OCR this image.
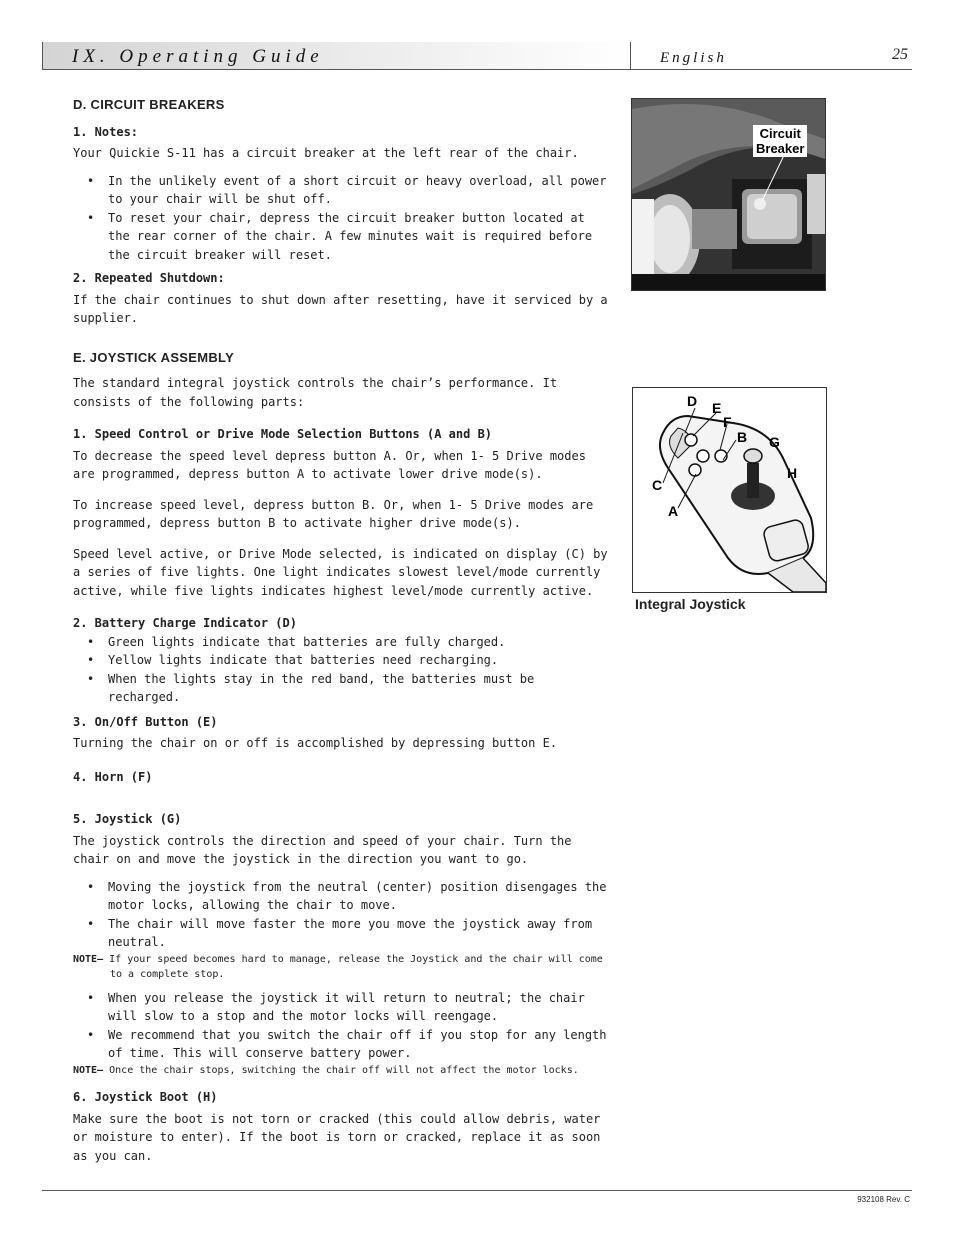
IX. Operating Guide	English	25

D. CIRCUIT BREAKERS

1. Notes:

Your Quickie S-11 has a circuit breaker at the left rear of the chair.

• In the unlikely event of a short circuit or heavy overload, all power to your chair will be shut off.
• To reset your chair, depress the circuit breaker button located at the rear corner of the chair. A few minutes wait is required before the circuit breaker will reset.

2. Repeated Shutdown:

If the chair continues to shut down after resetting, have it serviced by a supplier.

E. JOYSTICK ASSEMBLY

The standard integral joystick controls the chair’s performance. It consists of the following parts:

1. Speed Control or Drive Mode Selection Buttons (A and B)

To decrease the speed level depress button A. Or, when 1- 5 Drive modes are programmed, depress button A to activate lower drive mode(s).

To increase speed level, depress button B. Or, when 1- 5 Drive modes are programmed, depress button B to activate higher drive mode(s).

Speed level active, or Drive Mode selected, is indicated on display (C) by a series of five lights. One light indicates slowest level/mode currently active, while five lights indicates highest level/mode currently active.

2. Battery Charge Indicator (D)

• Green lights indicate that batteries are fully charged.
• Yellow lights indicate that batteries need recharging.
• When the lights stay in the red band, the batteries must be recharged.

3. On/Off Button (E)

Turning the chair on or off is accomplished by depressing button E.

4. Horn (F)

5. Joystick (G)

The joystick controls the direction and speed of your chair. Turn the chair on and move the joystick in the direction you want to go.

• Moving the joystick from the neutral (center) position disengages the motor locks, allowing the chair to move.
• The chair will move faster the more you move the joystick away from neutral.

NOTE– If your speed becomes hard to manage, release the Joystick and the chair will come to a complete stop.

• When you release the joystick it will return to neutral; the chair will slow to a stop and the motor locks will reengage.
• We recommend that you switch the chair off if you stop for any length of time. This will conserve battery power.

NOTE– Once the chair stops, switching the chair off will not affect the motor locks.

6. Joystick Boot (H)

Make sure the boot is not torn or cracked (this could allow debris, water or moisture to enter). If the boot is torn or cracked, replace it as soon as you can.

Circuit
Breaker
D E
F
B G
H
C
A
Integral Joystick
932108 Rev. C
